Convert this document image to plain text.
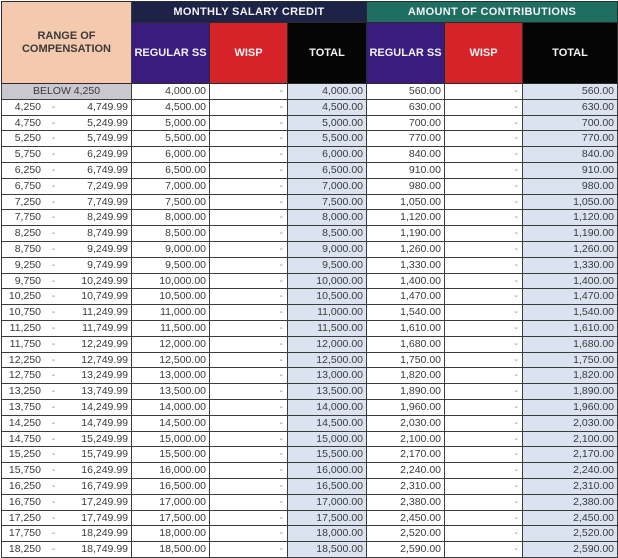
RANGE OF COMPENSATION	MONTHLY SALARY CREDIT			AMOUNT OF CONTRIBUTIONS		
	REGULAR SS	WISP	TOTAL	REGULAR SS	WISP	TOTAL
BELOW 4,250	4,000.00	-	4,000.00	560.00	-	560.00

4,250 - 4,749.99	4,500.00	-	4,500.00	630.00	-	630.00

4,750 - 5,249.99	5,000.00	-	5,000.00	700.00	-	700.00

5,250 - 5,749.99	5,500.00	-	5,500.00	770.00	-	770.00

5,750 - 6,249.99	6,000.00	-	6,000.00	840.00	-	840.00

6,250 - 6,749.99	6,500.00	-	6,500.00	910.00	-	910.00

6,750 - 7,249.99	7,000.00	-	7,000.00	980.00	-	980.00

7,250 - 7,749.99	7,500.00	-	7,500.00	1,050.00	-	1,050.00

7,750 - 8,249.99	8,000.00	-	8,000.00	1,120.00	-	1,120.00

8,250 - 8,749.99	8,500.00	-	8,500.00	1,190.00	-	1,190.00

8,750 - 9,249.99	9,000.00	-	9,000.00	1,260.00	-	1,260.00

9,250 - 9,749.99	9,500.00	-	9,500.00	1,330.00	-	1,330.00

9,750 - 10,249.99	10,000.00	-	10,000.00	1,400.00	-	1,400.00

10,250 - 10,749.99	10,500.00	-	10,500.00	1,470.00	-	1,470.00

10,750 - 11,249.99	11,000.00	-	11,000.00	1,540.00	-	1,540.00

11,250 - 11,749.99	11,500.00	-	11,500.00	1,610.00	-	1,610.00

11,750 - 12,249.99	12,000.00	-	12,000.00	1,680.00	-	1,680.00

12,250 - 12,749.99	12,500.00	-	12,500.00	1,750.00	-	1,750.00

12,750 - 13,249.99	13,000.00	-	13,000.00	1,820.00	-	1,820.00

13,250 - 13,749.99	13,500.00	-	13,500.00	1,890.00	-	1,890.00

13,750 - 14,249.99	14,000.00	-	14,000.00	1,960.00	-	1,960.00

14,250 - 14,749.99	14,500.00	-	14,500.00	2,030.00	-	2,030.00

14,750 - 15,249.99	15,000.00	-	15,000.00	2,100.00	-	2,100.00

15,250 - 15,749.99	15,500.00	-	15,500.00	2,170.00	-	2,170.00

15,750 - 16,249.99	16,000.00	-	16,000.00	2,240.00	-	2,240.00

16,250 - 16,749.99	16,500.00	-	16,500.00	2,310.00	-	2,310.00

16,750 - 17,249.99	17,000.00	-	17,000.00	2,380.00	-	2,380.00

17,250 - 17,749.99	17,500.00	-	17,500.00	2,450.00	-	2,450.00

17,750 - 18,249.99	18,000.00	-	18,000.00	2,520.00	-	2,520.00

18,250 - 18,749.99	18,500.00	-	18,500.00	2,590.00	-	2,590.00
